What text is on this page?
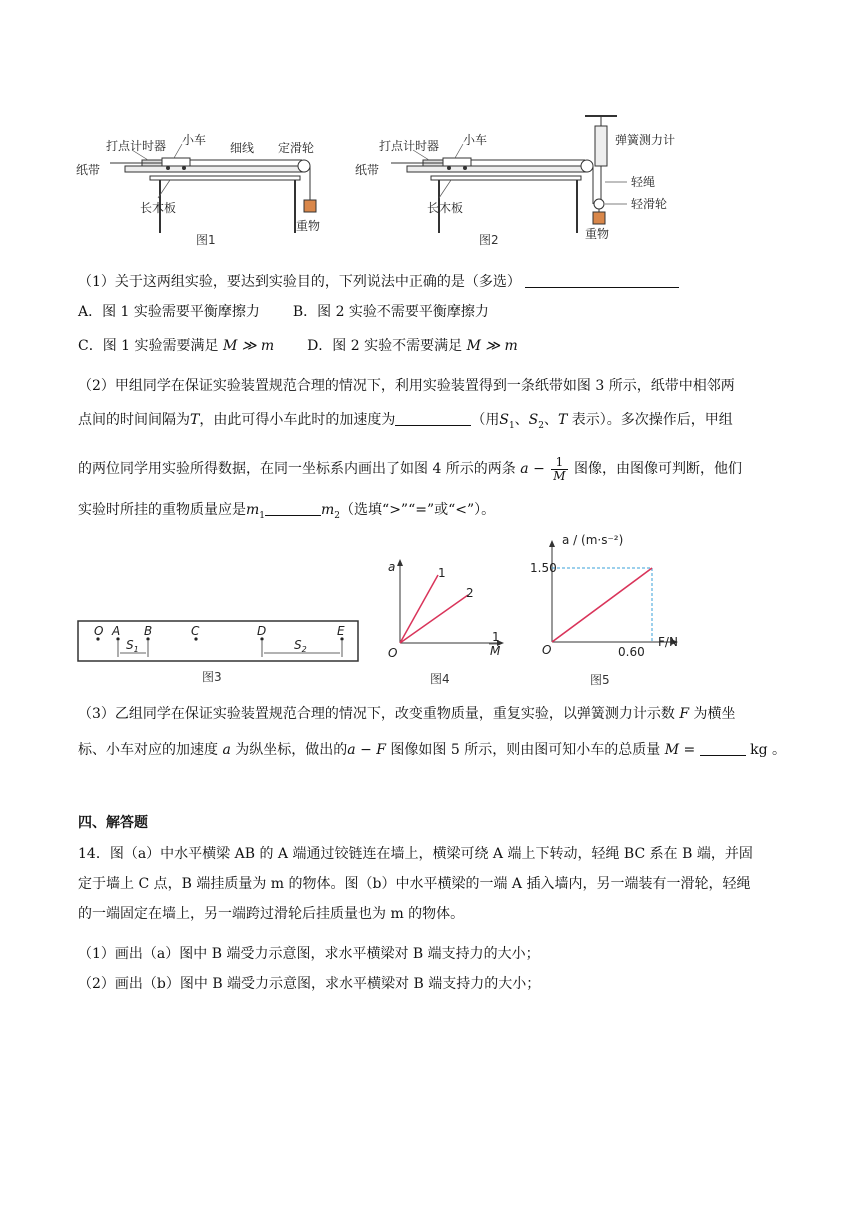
打点计时器 小车
细线 定滑轮
纸带
长木板
重物
图1
打点计时器 小车	弹簧测力计
纸带
轻绳
轻滑轮
长木板
重物
图2
（1）关于这两组实验，要达到实验目的，下列说法中正确的是（多选）
A．图 1 实验需要平衡摩擦力 B．图 2 实验不需要平衡摩擦力
C．图 1 实验需要满足 M ≫ m D．图 2 实验不需要满足 M ≫ m
（2）甲组同学在保证实验装置规范合理的情况下，利用实验装置得到一条纸带如图 3 所示，纸带中相邻两
点间的时间间隔为T，由此可得小车此时的加速度为	（用$S_1$、$S_2$、T 表示）。多次操作后，甲组
的两位同学用实验所得数据，在同一坐标系内画出了如图 4 所示的两条 $a - \frac{1}{M}$ 图像，由图像可判断，他们
实验时所挂的重物质量应是$m_1$	$m_2$（选填“>”“=”或“<”）。
O A B	C	D	E
$S_1$	$S_2$
图3
a	1
2
O
1
M
图4
a / (m·s⁻²)
1.50
F/N
0.60
O
图5
（3）乙组同学在保证实验装置规范合理的情况下，改变重物质量，重复实验，以弹簧测力计示数 F 为横坐
标、小车对应的加速度 a 为纵坐标，做出的a − F 图像如图 5 所示，则由图可知小车的总质量 M =	kg 。
四、解答题
14．图（a）中水平横梁 AB 的 A 端通过铰链连在墙上，横梁可绕 A 端上下转动，轻绳 BC 系在 B 端，并固
定于墙上 C 点，B 端挂质量为 m 的物体。图（b）中水平横梁的一端 A 插入墙内，另一端装有一滑轮，轻绳
的一端固定在墙上，另一端跨过滑轮后挂质量也为 m 的物体。
（1）画出（a）图中 B 端受力示意图，求水平横梁对 B 端支持力的大小；
（2）画出（b）图中 B 端受力示意图，求水平横梁对 B 端支持力的大小；
